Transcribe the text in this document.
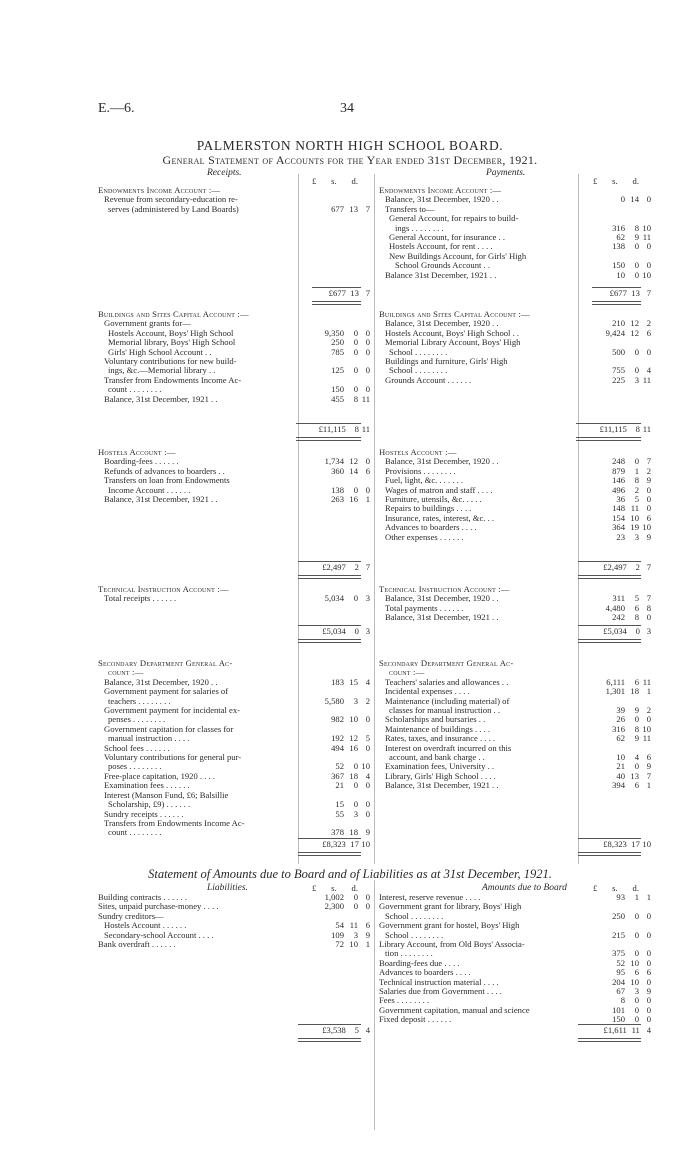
E.—6.	34
PALMERSTON NORTH HIGH SCHOOL BOARD.
General Statement of Accounts for the Year ended 31st December, 1921.
Receipts.	Payments.
£ s. d.	£ s. d.
Endowments Income Account :—
Revenue from secondary-education re-
serves (administered by Land Boards)	677 13 7
Endowments Income Account :—
Balance, 31st December, 1920 . .	0 14 0
Transfers to—
General Account, for repairs to build-
ings . . . . . . . .	316	8 10
General Account, for insurance . .	62	9 11
Hostels Account, for rent . . . .	138	0 0
New Buildings Account, for Girls' High
School Grounds Account . .	150	0 0
Balance 31st December, 1921 . .	10	0 10
£677 13 7	£677 13 7
Buildings and Sites Capital Account :—
Government grants for—
Hostels Account, Boys' High School	9,350	0 0
Memorial library, Boys' High School	250	0 0
Girls' High School Account . .	785	0 0
Voluntary contributions for new build-
ings, &c.—Memorial library . .	125	0 0
Transfer from Endowments Income Ac-
count . . . . . . . .	150	0 0
Balance, 31st December, 1921 . .	455	8 11
Buildings and Sites Capital Account :—
Balance, 31st December, 1920 . .	210 12 2
Hostels Account, Boys' High School . .	9,424 12 6
Memorial Library Account, Boys' High
School . . . . . . . .	500	0 0
Buildings and furniture, Girls' High
School . . . . . . . .	755	0 4
Grounds Account . . . . . .	225	3 11
£11,115	8 11	£11,115	8 11
Hostels Account :—
Boarding-fees . . . . . .	1,734 12 0
Refunds of advances to boarders . .	360 14 6
Transfers on loan from Endowments
Income Account . . . . . .	138	0 0
Balance, 31st December, 1921 . .	263 16 1
Hostels Account :—
Balance, 31st December, 1920 . .	248	0 7
Provisions . . . . . . . .	879	1 2
Fuel, light, &c. . . . . . .	146	8 9
Wages of matron and staff . . . .	496	2 0
Furniture, utensils, &c. . . . .	36	5 0
Repairs to buildings . . . .	148 11 0
Insurance, rates, interest, &c. . .	154 10 6
Advances to boarders . . . .	364 19 10
Other expenses . . . . . .	23	3 9
£2,497	2 7	£2,497	2 7
Technical Instruction Account :—
Total receipts . . . . . .	5,034	0 3
Technical Instruction Account :—
Balance, 31st December, 1920 . .	311	5 7
Total payments . . . . . .	4,480	6 8
Balance, 31st December, 1921 . .	242	8 0
£5,034	0 3	£5,034	0 3
Secondary Department General Ac-
count :—
Balance, 31st December, 1920 . .	183 15 4
Government payment for salaries of
teachers . . . . . . . .	5,580	3 2
Government payment for incidental ex-
penses . . . . . . . .	982 10 0
Government capitation for classes for
manual instruction . . . .	192 12 5
School fees . . . . . .	494 16 0
Voluntary contributions for general pur-
poses . . . . . . . .	52	0 10
Free-place capitation, 1920 . . . .	367 18 4
Examination fees . . . . . .	21	0 0
Interest (Manson Fund, £6; Balsillie
Scholarship, £9) . . . . . .	15	0 0
Sundry receipts . . . . . .	55	3 0
Transfers from Endowments Income Ac-
count . . . . . . . .	378 18 9
Secondary Department General Ac-
count :—
Teachers' salaries and allowances . .	6,111	6 11
Incidental expenses . . . .	1,301 18 1
Maintenance (including material) of
classes for manual instruction . .	39	9 2
Scholarships and bursaries . .	26	0 0
Maintenance of buildings . . . .	316	8 10
Rates, taxes, and insurance . . . .	62	9 11
Interest on overdraft incurred on this
account, and bank charge . .	10	4 6
Examination fees, University . .	21	0 9
Library, Girls' High School . . . .	40 13 7
Balance, 31st December, 1921 . .	394	6 1
£8,323 17 10	£8,323 17 10
Statement of Amounts due to Board and of Liabilities as at 31st December, 1921.
Liabilities.	Amounts due to Board
£ s. d.	£ s. d.
Building contracts . . . . . .	1,002	0 0
Sites, unpaid purchase-money . . . .	2,300	0 0
Sundry creditors—
Hostels Account . . . . . .	54 11 6
Secondary-school Account . . . .	109	3 9
Bank overdraft . . . . . .	72 10 1
Interest, reserve revenue . . . .	93	1 1
Government grant for library, Boys' High
School . . . . . . . .	250	0 0
Government grant for hostel, Boys' High
School . . . . . . . .	215	0 0
Library Account, from Old Boys' Associa-
tion . . . . . . . .	375	0 0
Boarding-fees due . . . .	52 10 0
Advances to boarders . . . .	95	6 6
Technical instruction material . . . .	204 10 0
Salaries due from Government . . . .	67	3 9
Fees . . . . . . . .	8	0 0
Government capitation, manual and science	101	0 0
Fixed deposit . . . . . .	150	0 0
£3,538	5 4	£1,611 11 4
